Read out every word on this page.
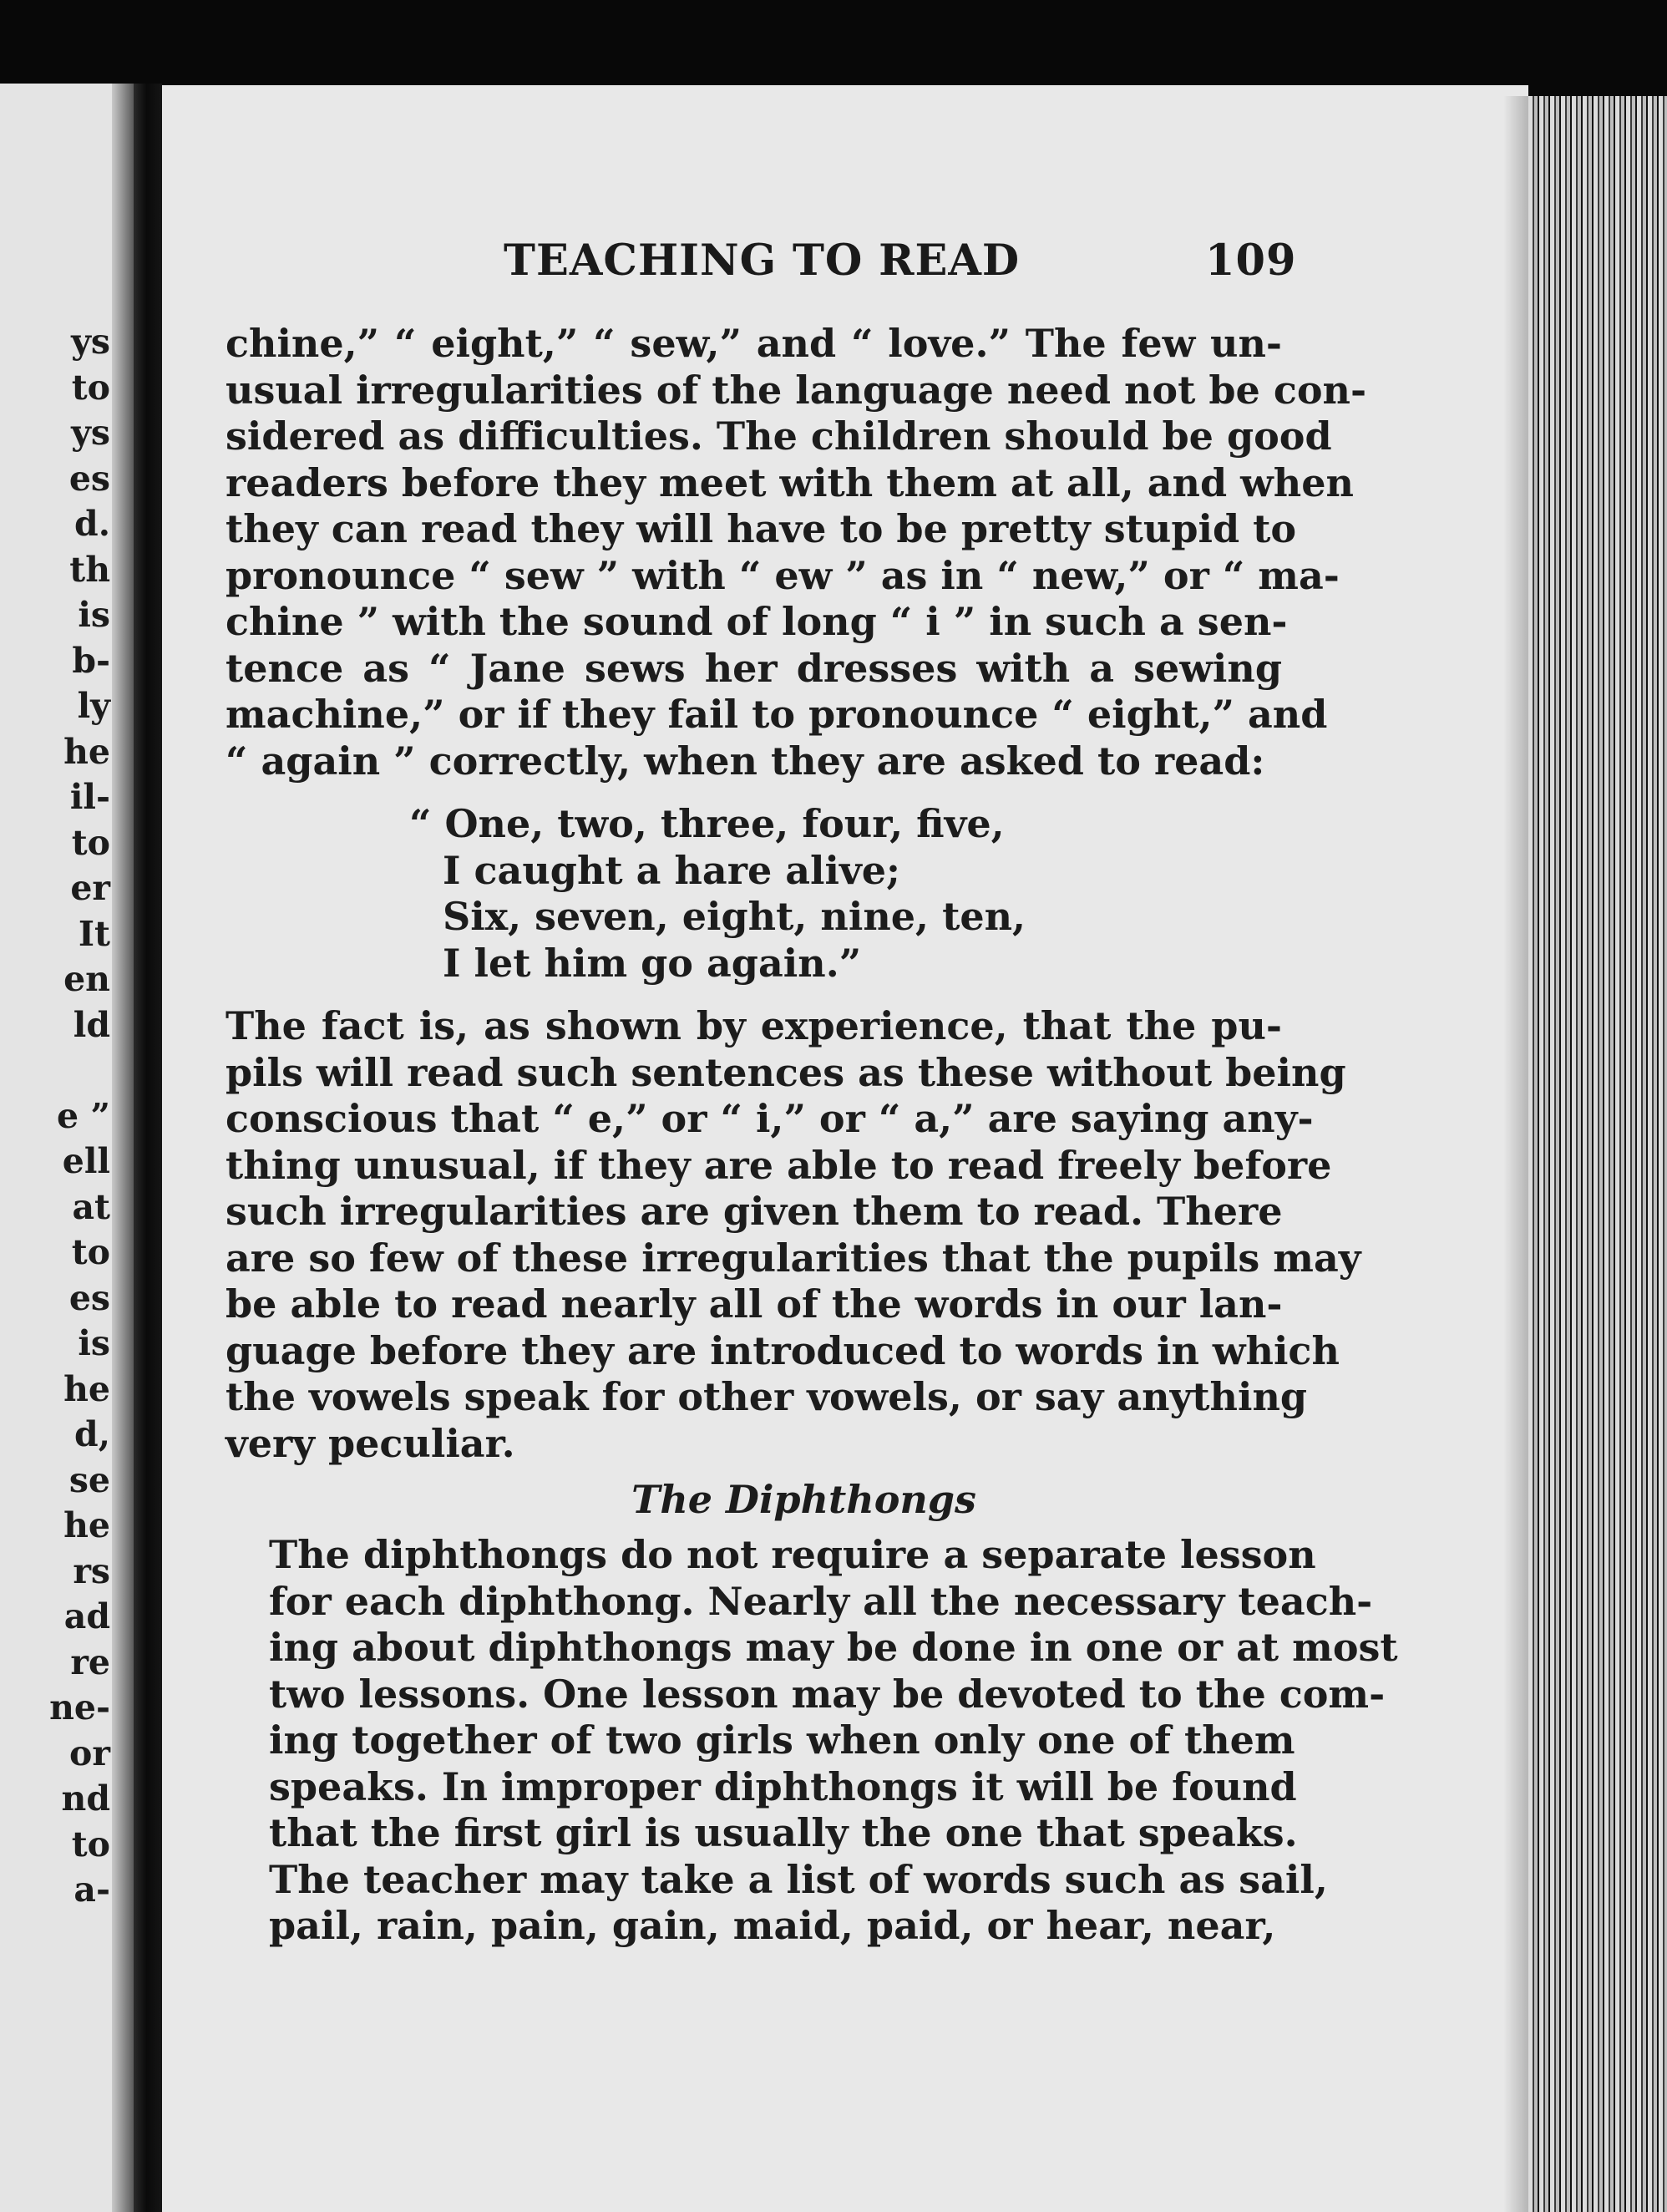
ys
to
ys
es
d.
th
is
b-
ly
he
il-
to
er
It
en
ld
e ”
ell
at
to
es
is
he
d,
se
he
rs
ad
re
ne-
or
nd
to
a-
TEACHING TO READ	109
chine,” “ eight,” “ sew,” and “ love.” The few un-
usual irregularities of the language need not be con-
sidered as difficulties. The children should be good
readers before they meet with them at all, and when
they can read they will have to be pretty stupid to
pronounce “ sew ” with “ ew ” as in “ new,” or “ ma-
chine ” with the sound of long “ i ” in such a sen-
tence as “ Jane sews her dresses with a sewing
machine,” or if they fail to pronounce “ eight,” and
“ again ” correctly, when they are asked to read:
“ One, two, three, four, five,
I caught a hare alive;
Six, seven, eight, nine, ten,
I let him go again.”
The fact is, as shown by experience, that the pu-
pils will read such sentences as these without being
conscious that “ e,” or “ i,” or “ a,” are saying any-
thing unusual, if they are able to read freely before
such irregularities are given them to read. There
are so few of these irregularities that the pupils may
be able to read nearly all of the words in our lan-
guage before they are introduced to words in which
the vowels speak for other vowels, or say anything
very peculiar.
The Diphthongs
The diphthongs do not require a separate lesson
for each diphthong. Nearly all the necessary teach-
ing about diphthongs may be done in one or at most
two lessons. One lesson may be devoted to the com-
ing together of two girls when only one of them
speaks. In improper diphthongs it will be found
that the first girl is usually the one that speaks.
The teacher may take a list of words such as sail,
pail, rain, pain, gain, maid, paid, or hear, near,
